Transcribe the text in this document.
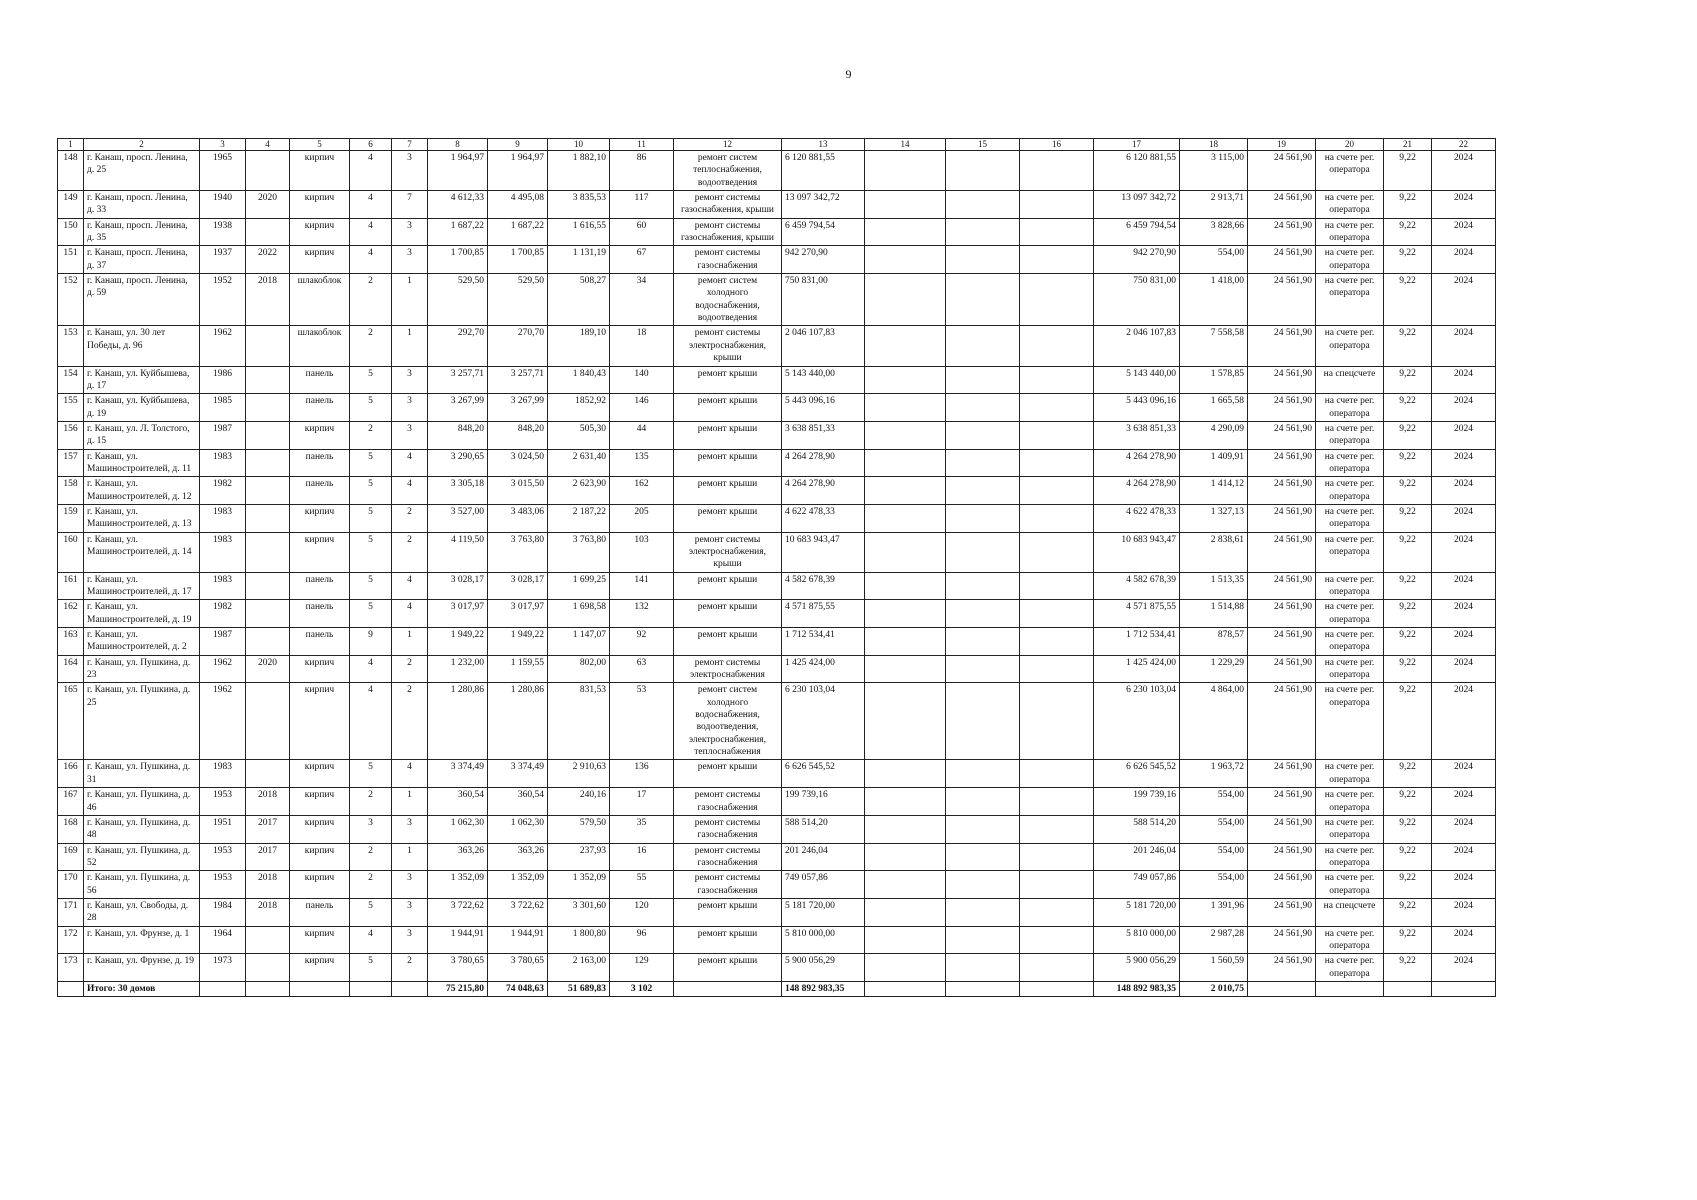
9
1	2	3	4	5	6	7	8	9	10	11	12	13	14	15	16	17	18	19	20	21	22
148	г. Канаш, просп. Ленина, д. 25	1965		кирпич	4	3	1 964,97	1 964,97	1 882,10	86	ремонт систем теплоснабжения, водоотведения	6 120 881,55				6 120 881,55	3 115,00	24 561,90	на счете рег. оператора	9,22	2024
149	г. Канаш, просп. Ленина, д. 33	1940	2020	кирпич	4	7	4 612,33	4 495,08	3 835,53	117	ремонт системы газоснабжения, крыши	13 097 342,72				13 097 342,72	2 913,71	24 561,90	на счете рег. оператора	9,22	2024
150	г. Канаш, просп. Ленина, д. 35	1938		кирпич	4	3	1 687,22	1 687,22	1 616,55	60	ремонт системы газоснабжения, крыши	6 459 794,54				6 459 794,54	3 828,66	24 561,90	на счете рег. оператора	9,22	2024
151	г. Канаш, просп. Ленина, д. 37	1937	2022	кирпич	4	3	1 700,85	1 700,85	1 131,19	67	ремонт системы газоснабжения	942 270,90				942 270,90	554,00	24 561,90	на счете рег. оператора	9,22	2024
152	г. Канаш, просп. Ленина, д. 59	1952	2018	шлакоблок	2	1	529,50	529,50	508,27	34	ремонт систем холодного водоснабжения, водоотведения	750 831,00				750 831,00	1 418,00	24 561,90	на счете рег. оператора	9,22	2024
153	г. Канаш, ул. 30 лет Победы, д. 96	1962		шлакоблок	2	1	292,70	270,70	189,10	18	ремонт системы электроснабжения, крыши	2 046 107,83				2 046 107,83	7 558,58	24 561,90	на счете рег. оператора	9,22	2024
154	г. Канаш, ул. Куйбышева, д. 17	1986		панель	5	3	3 257,71	3 257,71	1 840,43	140	ремонт крыши	5 143 440,00				5 143 440,00	1 578,85	24 561,90	на спецсчете	9,22	2024
155	г. Канаш, ул. Куйбышева, д. 19	1985		панель	5	3	3 267,99	3 267,99	1852,92	146	ремонт крыши	5 443 096,16				5 443 096,16	1 665,58	24 561,90	на счете рег. оператора	9,22	2024
156	г. Канаш, ул. Л. Толстого, д. 15	1987		кирпич	2	3	848,20	848,20	505,30	44	ремонт крыши	3 638 851,33				3 638 851,33	4 290,09	24 561,90	на счете рег. оператора	9,22	2024
157	г. Канаш, ул. Машиностроителей, д. 11	1983		панель	5	4	3 290,65	3 024,50	2 631,40	135	ремонт крыши	4 264 278,90				4 264 278,90	1 409,91	24 561,90	на счете рег. оператора	9,22	2024
158	г. Канаш, ул. Машиностроителей, д. 12	1982		панель	5	4	3 305,18	3 015,50	2 623,90	162	ремонт крыши	4 264 278,90				4 264 278,90	1 414,12	24 561,90	на счете рег. оператора	9,22	2024
159	г. Канаш, ул. Машиностроителей, д. 13	1983		кирпич	5	2	3 527,00	3 483,06	2 187,22	205	ремонт крыши	4 622 478,33				4 622 478,33	1 327,13	24 561,90	на счете рег. оператора	9,22	2024
160	г. Канаш, ул. Машиностроителей, д. 14	1983		кирпич	5	2	4 119,50	3 763,80	3 763,80	103	ремонт системы электроснабжения, крыши	10 683 943,47				10 683 943,47	2 838,61	24 561,90	на счете рег. оператора	9,22	2024
161	г. Канаш, ул. Машиностроителей, д. 17	1983		панель	5	4	3 028,17	3 028,17	1 699,25	141	ремонт крыши	4 582 678,39				4 582 678,39	1 513,35	24 561,90	на счете рег. оператора	9,22	2024
162	г. Канаш, ул. Машиностроителей, д. 19	1982		панель	5	4	3 017,97	3 017,97	1 698,58	132	ремонт крыши	4 571 875,55				4 571 875,55	1 514,88	24 561,90	на счете рег. оператора	9,22	2024
163	г. Канаш, ул. Машиностроителей, д. 2	1987		панель	9	1	1 949,22	1 949,22	1 147,07	92	ремонт крыши	1 712 534,41				1 712 534,41	878,57	24 561,90	на счете рег. оператора	9,22	2024
164	г. Канаш, ул. Пушкина, д. 23	1962	2020	кирпич	4	2	1 232,00	1 159,55	802,00	63	ремонт системы электроснабжения	1 425 424,00				1 425 424,00	1 229,29	24 561,90	на счете рег. оператора	9,22	2024
165	г. Канаш, ул. Пушкина, д. 25	1962		кирпич	4	2	1 280,86	1 280,86	831,53	53	ремонт систем холодного водоснабжения, водоотведения, электроснабжения, теплоснабжения	6 230 103,04				6 230 103,04	4 864,00	24 561,90	на счете рег. оператора	9,22	2024
166	г. Канаш, ул. Пушкина, д. 31	1983		кирпич	5	4	3 374,49	3 374,49	2 910,63	136	ремонт крыши	6 626 545,52				6 626 545,52	1 963,72	24 561,90	на счете рег. оператора	9,22	2024
167	г. Канаш, ул. Пушкина, д. 46	1953	2018	кирпич	2	1	360,54	360,54	240,16	17	ремонт системы газоснабжения	199 739,16				199 739,16	554,00	24 561,90	на счете рег. оператора	9,22	2024
168	г. Канаш, ул. Пушкина, д. 48	1951	2017	кирпич	3	3	1 062,30	1 062,30	579,50	35	ремонт системы газоснабжения	588 514,20				588 514,20	554,00	24 561,90	на счете рег. оператора	9,22	2024
169	г. Канаш, ул. Пушкина, д. 52	1953	2017	кирпич	2	1	363,26	363,26	237,93	16	ремонт системы газоснабжения	201 246,04				201 246,04	554,00	24 561,90	на счете рег. оператора	9,22	2024
170	г. Канаш, ул. Пушкина, д. 56	1953	2018	кирпич	2	3	1 352,09	1 352,09	1 352,09	55	ремонт системы газоснабжения	749 057,86				749 057,86	554,00	24 561,90	на счете рег. оператора	9,22	2024
171	г. Канаш, ул. Свободы, д. 28	1984	2018	панель	5	3	3 722,62	3 722,62	3 301,60	120	ремонт крыши	5 181 720,00				5 181 720,00	1 391,96	24 561,90	на спецсчете	9,22	2024
172	г. Канаш, ул. Фрунзе, д. 1	1964		кирпич	4	3	1 944,91	1 944,91	1 800,80	96	ремонт крыши	5 810 000,00				5 810 000,00	2 987,28	24 561,90	на счете рег. оператора	9,22	2024
173	г. Канаш, ул. Фрунзе, д. 19	1973		кирпич	5	2	3 780,65	3 780,65	2 163,00	129	ремонт крыши	5 900 056,29				5 900 056,29	1 560,59	24 561,90	на счете рег. оператора	9,22	2024
	Итого: 30 домов						75 215,80	74 048,63	51 689,83	3 102		148 892 983,35				148 892 983,35	2 010,75				
